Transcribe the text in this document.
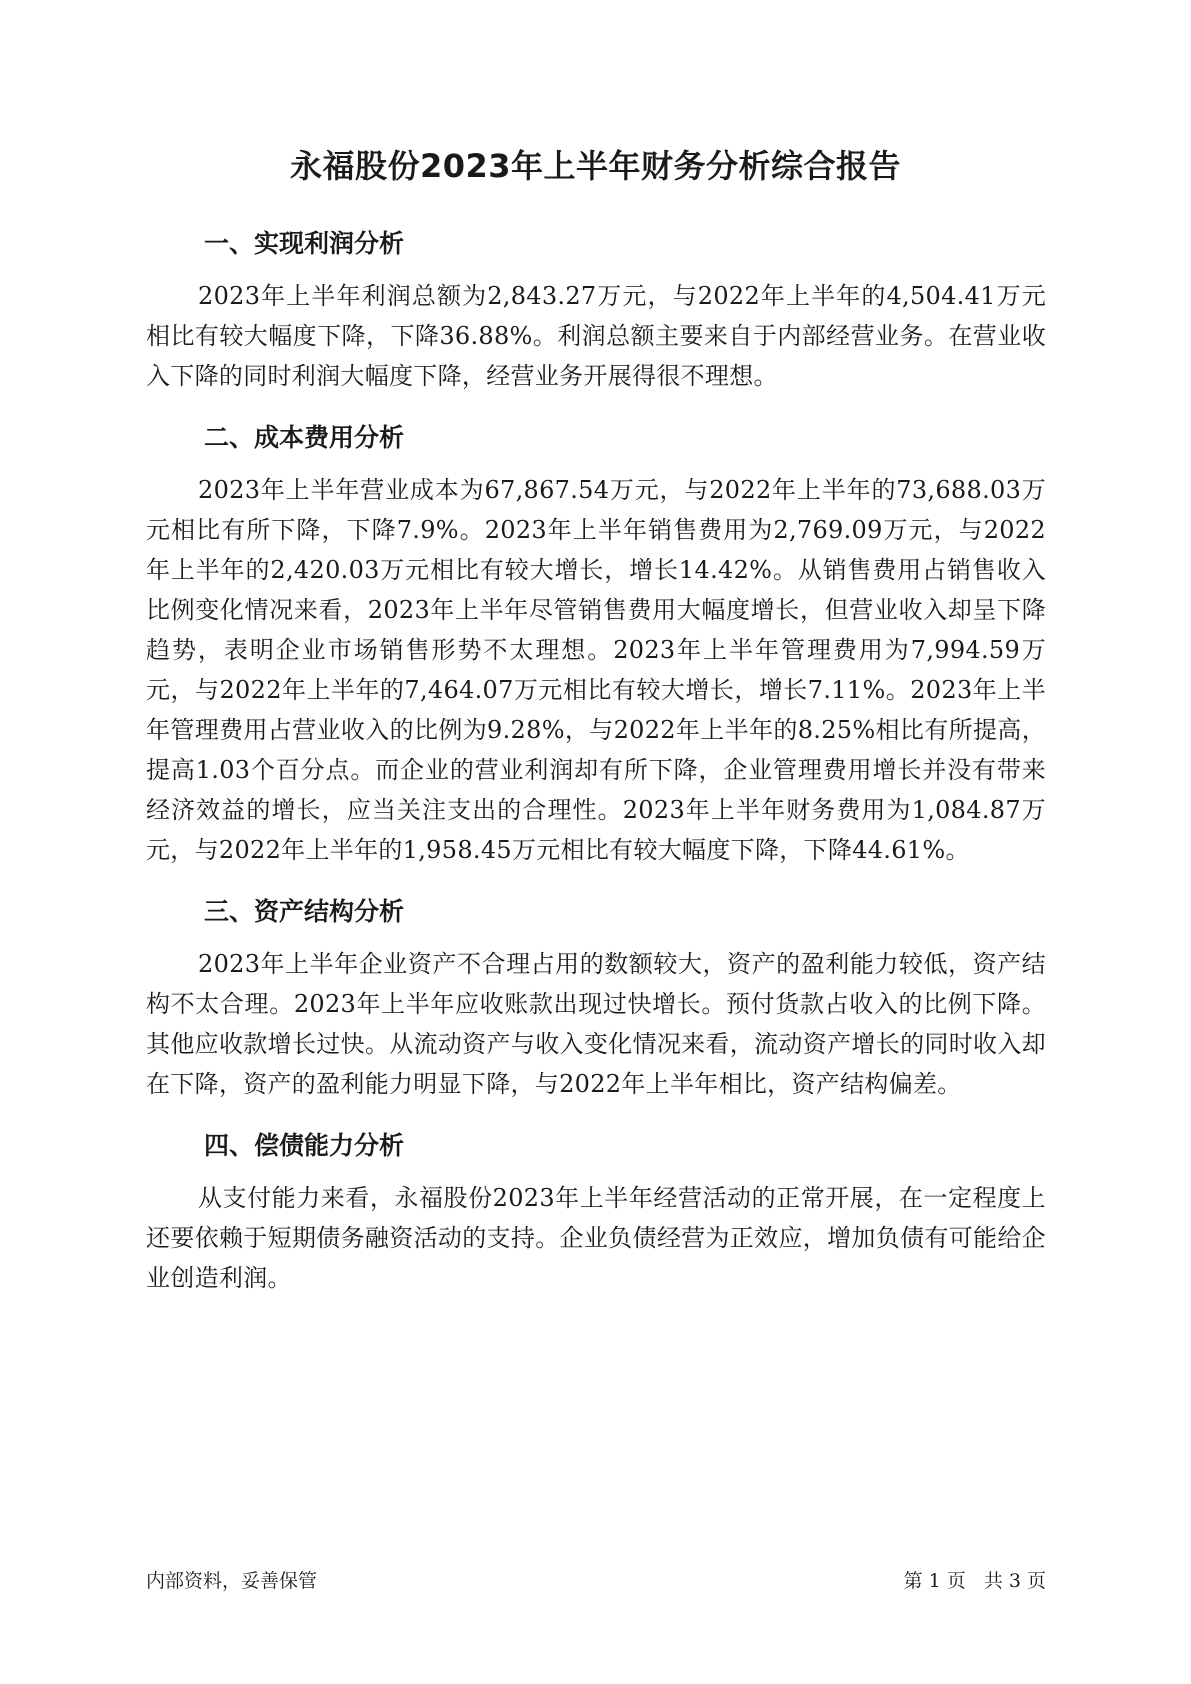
永福股份2023年上半年财务分析综合报告
一、实现利润分析

2023年上半年利润总额为2,843.27万元，与2022年上半年的4,504.41万元相比有较大幅度下降，下降36.88%。利润总额主要来自于内部经营业务。在营业收入下降的同时利润大幅度下降，经营业务开展得很不理想。

二、成本费用分析

2023年上半年营业成本为67,867.54万元，与2022年上半年的73,688.03万元相比有所下降，下降7.9%。2023年上半年销售费用为2,769.09万元，与2022年上半年的2,420.03万元相比有较大增长，增长14.42%。从销售费用占销售收入比例变化情况来看，2023年上半年尽管销售费用大幅度增长，但营业收入却呈下降趋势，表明企业市场销售形势不太理想。2023年上半年管理费用为7,994.59万元，与2022年上半年的7,464.07万元相比有较大增长，增长7.11%。2023年上半年管理费用占营业收入的比例为9.28%，与2022年上半年的8.25%相比有所提高，提高1.03个百分点。而企业的营业利润却有所下降，企业管理费用增长并没有带来经济效益的增长，应当关注支出的合理性。2023年上半年财务费用为1,084.87万元，与2022年上半年的1,958.45万元相比有较大幅度下降，下降44.61%。

三、资产结构分析

2023年上半年企业资产不合理占用的数额较大，资产的盈利能力较低，资产结构不太合理。2023年上半年应收账款出现过快增长。预付货款占收入的比例下降。其他应收款增长过快。从流动资产与收入变化情况来看，流动资产增长的同时收入却在下降，资产的盈利能力明显下降，与2022年上半年相比，资产结构偏差。

四、偿债能力分析

从支付能力来看，永福股份2023年上半年经营活动的正常开展，在一定程度上还要依赖于短期债务融资活动的支持。企业负债经营为正效应，增加负债有可能给企业创造利润。

内部资料，妥善保管	第 1 页   共 3 页
